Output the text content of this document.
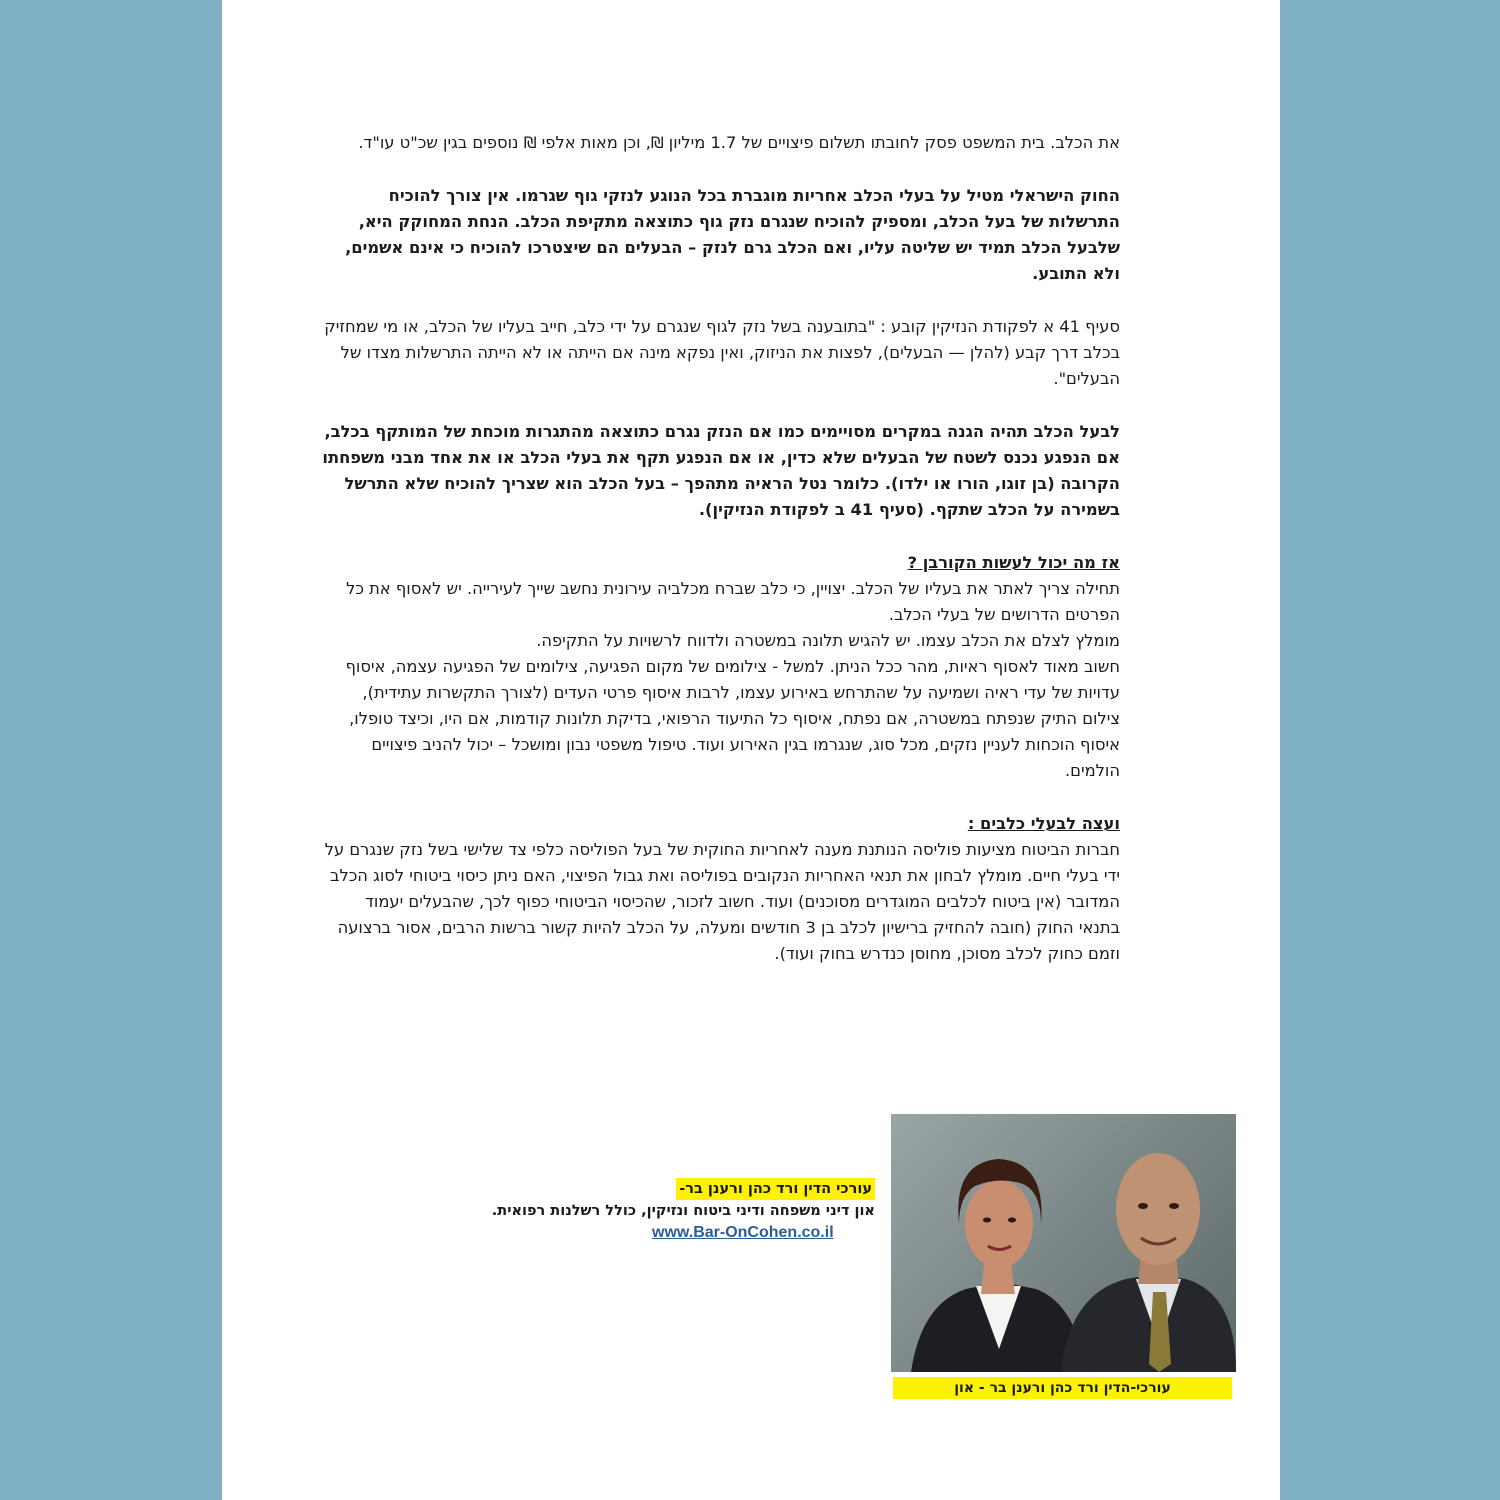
את הכלב. בית המשפט פסק לחובתו תשלום פיצויים של 1.7 מיליון ₪, וכן מאות אלפי ₪ נוספים בגין שכ"ט עו"ד.

החוק הישראלי מטיל על בעלי הכלב אחריות מוגברת בכל הנוגע לנזקי גוף שגרמו. אין צורך להוכיח התרשלות של בעל הכלב, ומספיק להוכיח שנגרם נזק גוף כתוצאה מתקיפת הכלב. הנחת המחוקק היא, שלבעל הכלב תמיד יש שליטה עליו, ואם הכלב גרם לנזק – הבעלים הם שיצטרכו להוכיח כי אינם אשמים, ולא התובע.

סעיף 41 א לפקודת הנזיקין קובע : "בתובענה בשל נזק לגוף שנגרם על ידי כלב, חייב בעליו של הכלב, או מי שמחזיק בכלב דרך קבע (להלן — הבעלים), לפצות את הניזוק, ואין נפקא מינה אם הייתה או לא הייתה התרשלות מצדו של הבעלים".

לבעל הכלב תהיה הגנה במקרים מסויימים כמו אם הנזק נגרם כתוצאה מהתגרות מוכחת של המותקף בכלב, אם הנפגע נכנס לשטח של הבעלים שלא כדין, או אם הנפגע תקף את בעלי הכלב או את אחד מבני משפחתו הקרובה (בן זוגו, הורו או ילדו). כלומר נטל הראיה מתהפך – בעל הכלב הוא שצריך להוכיח שלא התרשל בשמירה על הכלב שתקף. (סעיף 41 ב לפקודת הנזיקין).

אז מה יכול לעשות הקורבן ?
תחילה צריך לאתר את בעליו של הכלב. יצויין, כי כלב שברח מכלביה עירונית נחשב שייך לעירייה. יש לאסוף את כל הפרטים הדרושים של בעלי הכלב.
מומלץ לצלם את הכלב עצמו. יש להגיש תלונה במשטרה ולדווח לרשויות על התקיפה.
חשוב מאוד לאסוף ראיות, מהר ככל הניתן. למשל - צילומים של מקום הפגיעה, צילומים של הפגיעה עצמה, איסוף עדויות של עדי ראיה ושמיעה על שהתרחש באירוע עצמו, לרבות איסוף פרטי העדים (לצורך התקשרות עתידית), צילום התיק שנפתח במשטרה, אם נפתח, איסוף כל התיעוד הרפואי, בדיקת תלונות קודמות, אם היו, וכיצד טופלו, איסוף הוכחות לעניין נזקים, מכל סוג, שנגרמו בגין האירוע ועוד. טיפול משפטי נבון ומושכל – יכול להניב פיצויים הולמים.
ועצה לבעלי כלבים :
חברות הביטוח מציעות פוליסה הנותנת מענה לאחריות החוקית של בעל הפוליסה כלפי צד שלישי בשל נזק שנגרם על ידי בעלי חיים. מומלץ לבחון את תנאי האחריות הנקובים בפוליסה ואת גבול הפיצוי, האם ניתן כיסוי ביטוחי לסוג הכלב המדובר (אין ביטוח לכלבים המוגדרים מסוכנים) ועוד. חשוב לזכור, שהכיסוי הביטוחי כפוף לכך, שהבעלים יעמוד בתנאי החוק (חובה להחזיק ברישיון לכלב בן 3 חודשים ומעלה, על הכלב להיות קשור ברשות הרבים, אסור ברצועה וזמם כחוק לכלב מסוכן, מחוסן כנדרש בחוק ועוד).
עורכי הדין ורד כהן ורענן בר-
און דיני משפחה ודיני ביטוח ונזיקין, כולל רשלנות רפואית.
www.Bar-OnCohen.co.il
עורכי-הדין ורד כהן ורענן בר - און
